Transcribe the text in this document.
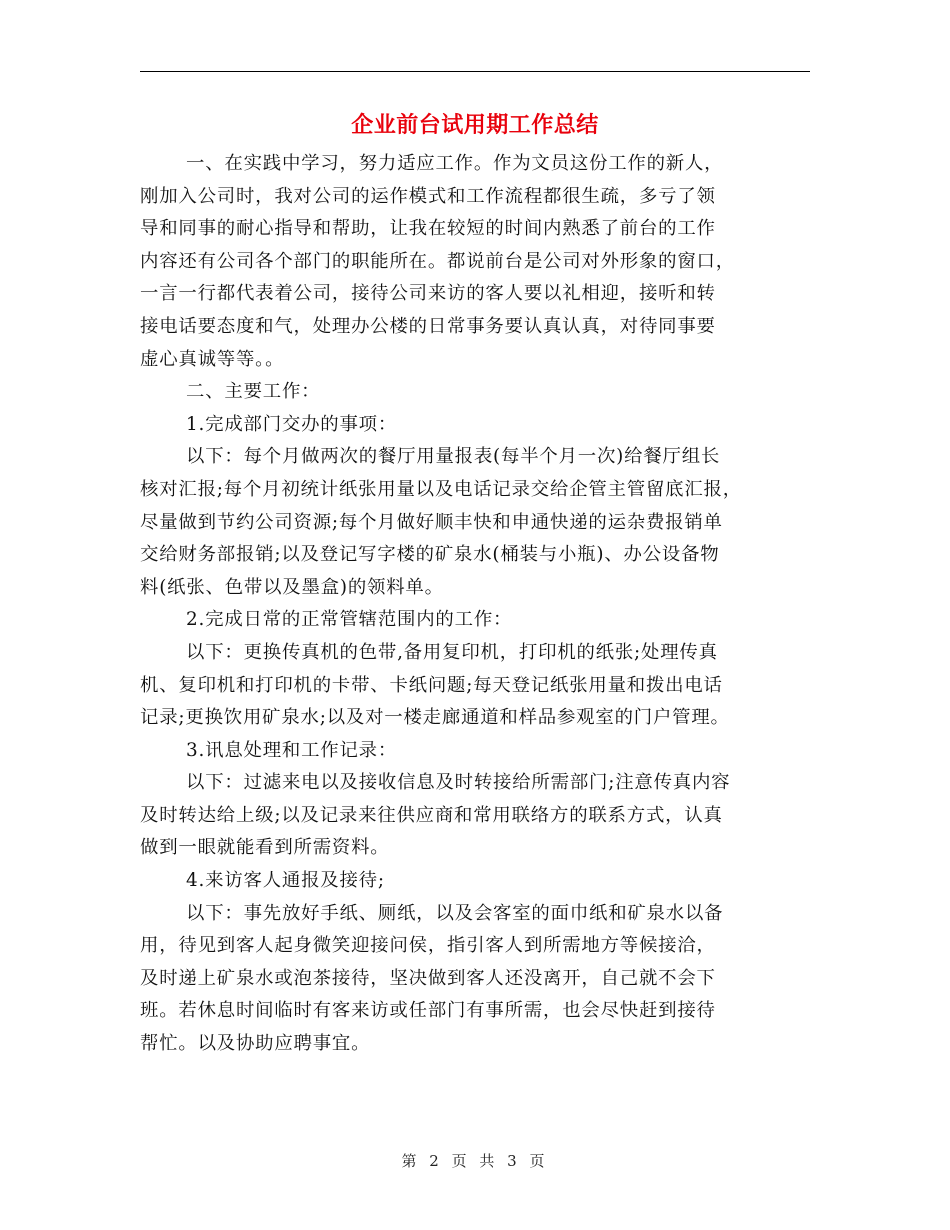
企业前台试用期工作总结
一、在实践中学习，努力适应工作。作为文员这份工作的新人，
刚加入公司时，我对公司的运作模式和工作流程都很生疏，多亏了领
导和同事的耐心指导和帮助，让我在较短的时间内熟悉了前台的工作
内容还有公司各个部门的职能所在。都说前台是公司对外形象的窗口，
一言一行都代表着公司，接待公司来访的客人要以礼相迎，接听和转
接电话要态度和气，处理办公楼的日常事务要认真认真，对待同事要
虚心真诚等等。。
二、主要工作：
1.完成部门交办的事项：
以下：每个月做两次的餐厅用量报表(每半个月一次)给餐厅组长
核对汇报;每个月初统计纸张用量以及电话记录交给企管主管留底汇报，
尽量做到节约公司资源;每个月做好顺丰快和申通快递的运杂费报销单
交给财务部报销;以及登记写字楼的矿泉水(桶装与小瓶)、办公设备物
料(纸张、色带以及墨盒)的领料单。
2.完成日常的正常管辖范围内的工作：
以下：更换传真机的色带,备用复印机，打印机的纸张;处理传真
机、复印机和打印机的卡带、卡纸问题;每天登记纸张用量和拨出电话
记录;更换饮用矿泉水;以及对一楼走廊通道和样品参观室的门户管理。
3.讯息处理和工作记录：
以下：过滤来电以及接收信息及时转接给所需部门;注意传真内容
及时转达给上级;以及记录来往供应商和常用联络方的联系方式，认真
做到一眼就能看到所需资料。
4.来访客人通报及接待;
以下：事先放好手纸、厕纸，以及会客室的面巾纸和矿泉水以备
用，待见到客人起身微笑迎接问侯，指引客人到所需地方等候接洽，
及时递上矿泉水或泡茶接待，坚决做到客人还没离开，自己就不会下
班。若休息时间临时有客来访或任部门有事所需，也会尽快赶到接待
帮忙。以及协助应聘事宜。
第 2 页 共 3 页
